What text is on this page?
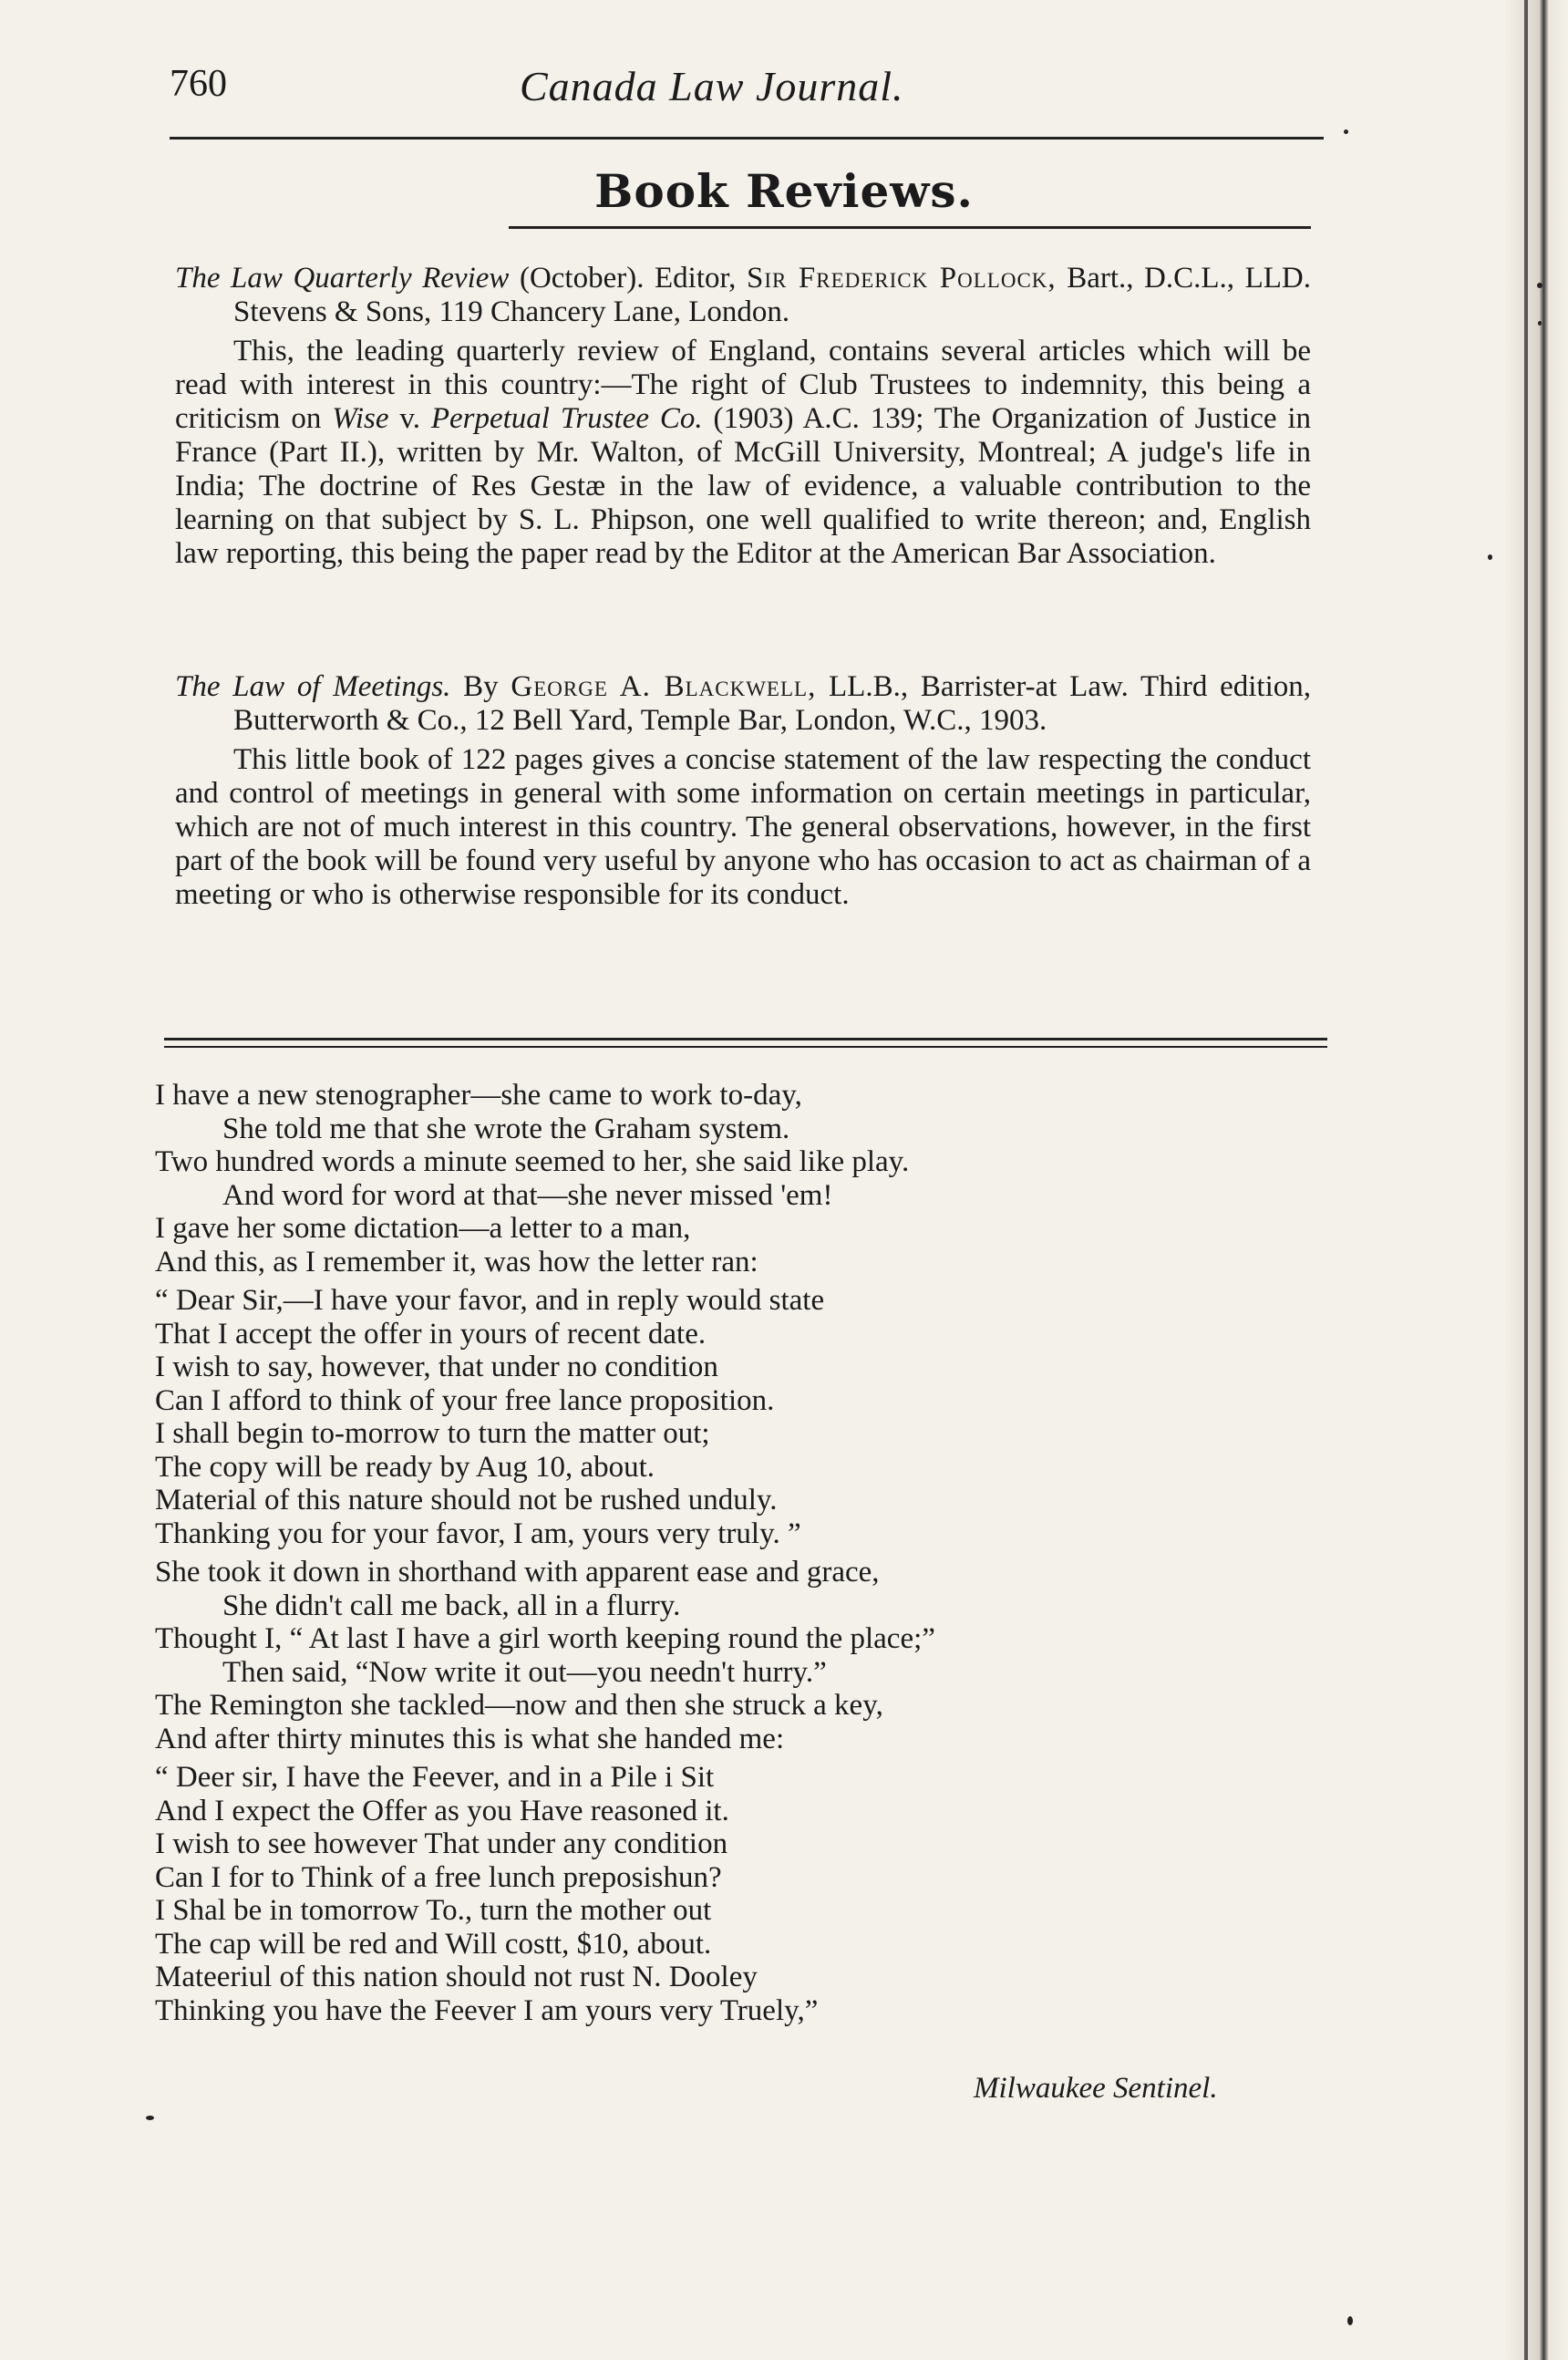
760	Canada Law Journal.
Book Reviews.

The Law Quarterly Review (October). Editor, Sir Frederick Pollock, Bart., D.C.L., LLD. Stevens & Sons, 119 Chancery Lane, London.

This, the leading quarterly review of England, contains several articles which will be read with interest in this country:—The right of Club Trustees to indemnity, this being a criticism on Wise v. Perpetual Trustee Co. (1903) A.C. 139; The Organization of Justice in France (Part II.), written by Mr. Walton, of McGill University, Montreal; A judge's life in India; The doctrine of Res Gestæ in the law of evidence, a valuable contribution to the learning on that subject by S. L. Phipson, one well qualified to write thereon; and, English law reporting, this being the paper read by the Editor at the American Bar Association.

The Law of Meetings. By George A. Blackwell, LL.B., Barrister-at Law. Third edition, Butterworth & Co., 12 Bell Yard, Temple Bar, London, W.C., 1903.

This little book of 122 pages gives a concise statement of the law respecting the conduct and control of meetings in general with some information on certain meetings in particular, which are not of much interest in this country. The general observations, however, in the first part of the book will be found very useful by anyone who has occasion to act as chairman of a meeting or who is otherwise responsible for its conduct.

I have a new stenographer—she came to work to-day,
She told me that she wrote the Graham system.
Two hundred words a minute seemed to her, she said like play.
And word for word at that—she never missed 'em!
I gave her some dictation—a letter to a man,
And this, as I remember it, was how the letter ran:
“ Dear Sir,—I have your favor, and in reply would state
That I accept the offer in yours of recent date.
I wish to say, however, that under no condition
Can I afford to think of your free lance proposition.
I shall begin to-morrow to turn the matter out;
The copy will be ready by Aug 10, about.
Material of this nature should not be rushed unduly.
Thanking you for your favor, I am, yours very truly. ”
She took it down in shorthand with apparent ease and grace,
She didn't call me back, all in a flurry.
Thought I, “ At last I have a girl worth keeping round the place;”
Then said, “Now write it out—you needn't hurry.”
The Remington she tackled—now and then she struck a key,
And after thirty minutes this is what she handed me:
“ Deer sir, I have the Feever, and in a Pile i Sit
And I expect the Offer as you Have reasoned it.
I wish to see however That under any condition
Can I for to Think of a free lunch preposishun?
I Shal be in tomorrow To., turn the mother out
The cap will be red and Will costt, $10, about.
Mateeriul of this nation should not rust N. Dooley
Thinking you have the Feever I am yours very Truely,”
Milwaukee Sentinel.
